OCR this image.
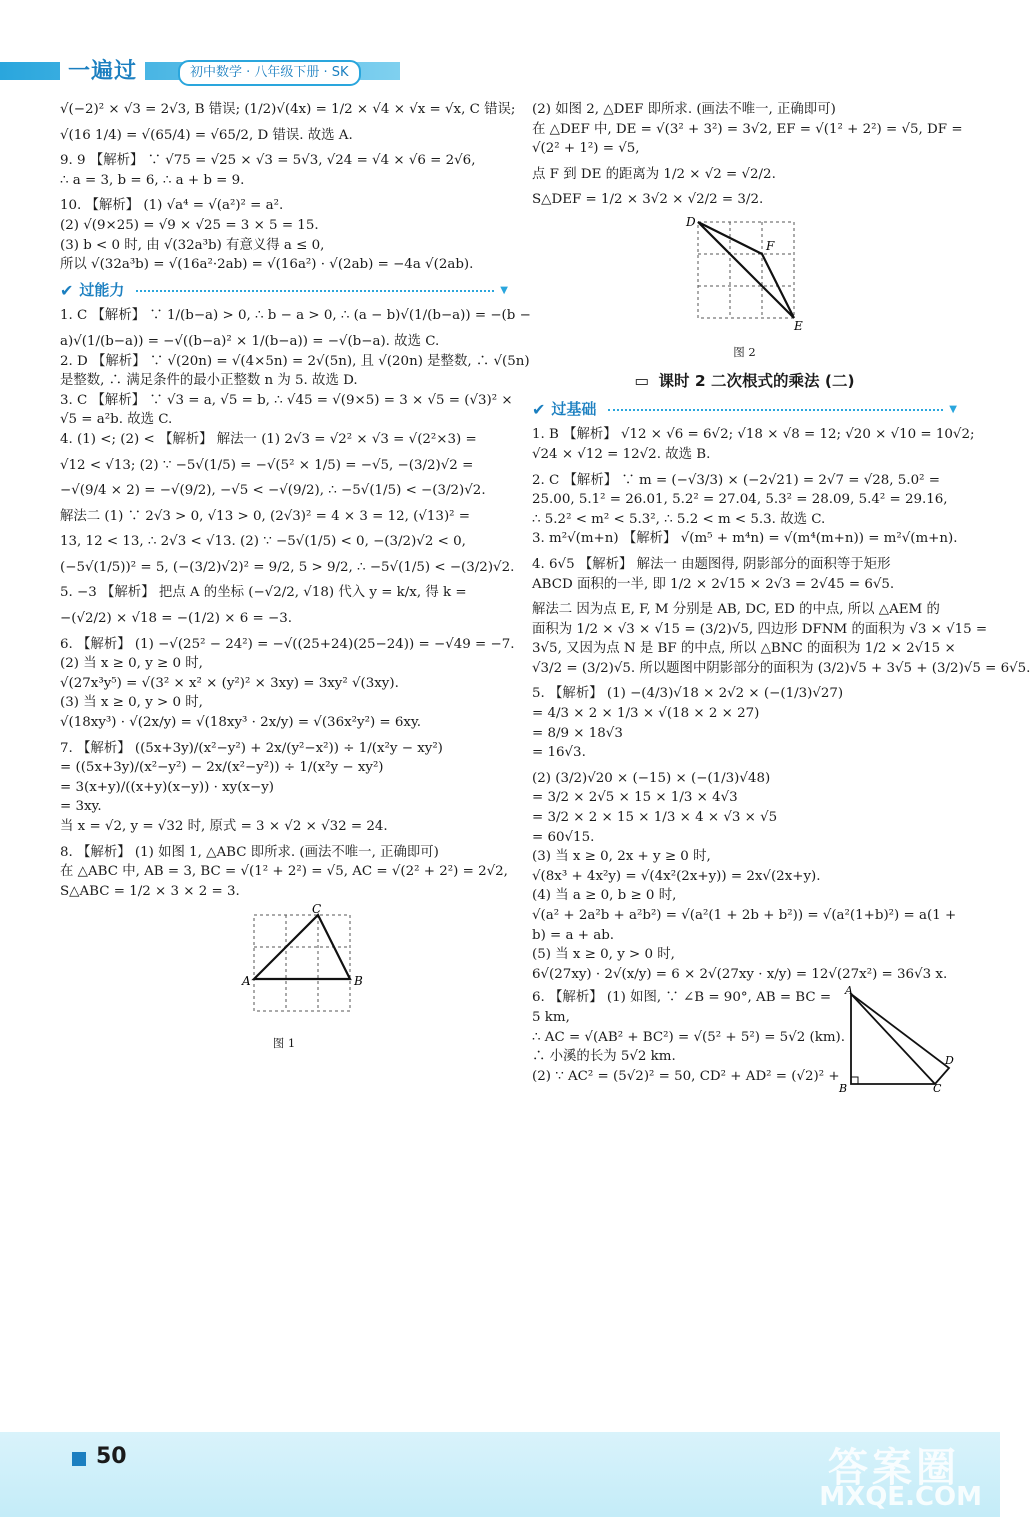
一遍过	初中数学 · 八年级下册 · SK

√(−2)² × √3 = 2√3, B 错误; (1/2)√(4x) = 1/2 × √4 × √x = √x, C 错误;

√(16 1/4) = √(65/4) = √65/2, D 错误. 故选 A.

9. 9 【解析】 ∵ √75 = √25 × √3 = 5√3, √24 = √4 × √6 = 2√6,

∴ a = 3, b = 6, ∴ a + b = 9.

10. 【解析】 (1) √a⁴ = √(a²)² = a².

(2) √(9×25) = √9 × √25 = 3 × 5 = 15.

(3) b < 0 时, 由 √(32a³b) 有意义得 a ≤ 0,

所以 √(32a³b) = √(16a²·2ab) = √(16a²) · √(2ab) = −4a √(2ab).

✔ 过能力	▼

1. C 【解析】 ∵ 1/(b−a) > 0, ∴ b − a > 0, ∴ (a − b)√(1/(b−a)) = −(b −

a)√(1/(b−a)) = −√((b−a)² × 1/(b−a)) = −√(b−a). 故选 C.

2. D 【解析】 ∵ √(20n) = √(4×5n) = 2√(5n), 且 √(20n) 是整数, ∴ √(5n)

是整数, ∴ 满足条件的最小正整数 n 为 5. 故选 D.

3. C 【解析】 ∵ √3 = a, √5 = b, ∴ √45 = √(9×5) = 3 × √5 = (√3)² ×

√5 = a²b. 故选 C.

4. (1) <; (2) < 【解析】 解法一 (1) 2√3 = √2² × √3 = √(2²×3) =

√12 < √13; (2) ∵ −5√(1/5) = −√(5² × 1/5) = −√5, −(3/2)√2 =

−√(9/4 × 2) = −√(9/2), −√5 < −√(9/2), ∴ −5√(1/5) < −(3/2)√2.

解法二 (1) ∵ 2√3 > 0, √13 > 0, (2√3)² = 4 × 3 = 12, (√13)² =

13, 12 < 13, ∴ 2√3 < √13. (2) ∵ −5√(1/5) < 0, −(3/2)√2 < 0,

(−5√(1/5))² = 5, (−(3/2)√2)² = 9/2, 5 > 9/2, ∴ −5√(1/5) < −(3/2)√2.

5. −3 【解析】 把点 A 的坐标 (−√2/2, √18) 代入 y = k/x, 得 k =

−(√2/2) × √18 = −(1/2) × 6 = −3.

6. 【解析】 (1) −√(25² − 24²) = −√((25+24)(25−24)) = −√49 = −7.

(2) 当 x ≥ 0, y ≥ 0 时,

√(27x³y⁵) = √(3² × x² × (y²)² × 3xy) = 3xy² √(3xy).

(3) 当 x ≥ 0, y > 0 时,

√(18xy³) · √(2x/y) = √(18xy³ · 2x/y) = √(36x²y²) = 6xy.

7. 【解析】 ((5x+3y)/(x²−y²) + 2x/(y²−x²)) ÷ 1/(x²y − xy²)

= ((5x+3y)/(x²−y²) − 2x/(x²−y²)) ÷ 1/(x²y − xy²)

= 3(x+y)/((x+y)(x−y)) · xy(x−y)

= 3xy.

当 x = √2, y = √32 时, 原式 = 3 × √2 × √32 = 24.

8. 【解析】 (1) 如图 1, △ABC 即所求. (画法不唯一, 正确即可)

在 △ABC 中, AB = 3, BC = √(1² + 2²) = √5, AC = √(2² + 2²) = 2√2,

S△ABC = 1/2 × 3 × 2 = 3.

A	B
C
图 1

(2) 如图 2, △DEF 即所求. (画法不唯一, 正确即可)

在 △DEF 中, DE = √(3² + 3²) = 3√2, EF = √(1² + 2²) = √5, DF =

√(2² + 1²) = √5,

点 F 到 DE 的距离为 1/2 × √2 = √2/2.

S△DEF = 1/2 × 3√2 × √2/2 = 3/2.

D
E
F
图 2
▭ 课时 2 二次根式的乘法 (二)
✔ 过基础	▼

1. B 【解析】 √12 × √6 = 6√2; √18 × √8 = 12; √20 × √10 = 10√2;

√24 × √12 = 12√2. 故选 B.

2. C 【解析】 ∵ m = (−√3/3) × (−2√21) = 2√7 = √28, 5.0² =

25.00, 5.1² = 26.01, 5.2² = 27.04, 5.3² = 28.09, 5.4² = 29.16,

∴ 5.2² < m² < 5.3², ∴ 5.2 < m < 5.3. 故选 C.

3. m²√(m+n) 【解析】 √(m⁵ + m⁴n) = √(m⁴(m+n)) = m²√(m+n).

4. 6√5 【解析】 解法一 由题图得, 阴影部分的面积等于矩形

ABCD 面积的一半, 即 1/2 × 2√15 × 2√3 = 2√45 = 6√5.

解法二 因为点 E, F, M 分别是 AB, DC, ED 的中点, 所以 △AEM 的

面积为 1/2 × √3 × √15 = (3/2)√5, 四边形 DFNM 的面积为 √3 × √15 =

3√5, 又因为点 N 是 BF 的中点, 所以 △BNC 的面积为 1/2 × 2√15 ×

√3/2 = (3/2)√5. 所以题图中阴影部分的面积为 (3/2)√5 + 3√5 + (3/2)√5 = 6√5.

5. 【解析】 (1) −(4/3)√18 × 2√2 × (−(1/3)√27)

= 4/3 × 2 × 1/3 × √(18 × 2 × 27)

= 8/9 × 18√3

= 16√3.

(2) (3/2)√20 × (−15) × (−(1/3)√48)

= 3/2 × 2√5 × 15 × 1/3 × 4√3

= 3/2 × 2 × 15 × 1/3 × 4 × √3 × √5

= 60√15.

(3) 当 x ≥ 0, 2x + y ≥ 0 时,

√(8x³ + 4x²y) = √(4x²(2x+y)) = 2x√(2x+y).

(4) 当 a ≥ 0, b ≥ 0 时,

√(a² + 2a²b + a²b²) = √(a²(1 + 2b + b²)) = √(a²(1+b)²) = a(1 +

b) = a + ab.

(5) 当 x ≥ 0, y > 0 时,

6√(27xy) · 2√(x/y) = 6 × 2√(27xy · x/y) = 12√(27x²) = 36√3 x.

6. 【解析】 (1) 如图, ∵ ∠B = 90°, AB = BC =

5 km,

∴ AC = √(AB² + BC²) = √(5² + 5²) = 5√2 (km).

∴ 小溪的长为 5√2 km.

(2) ∵ AC² = (5√2)² = 50, CD² + AD² = (√2)² +

A
B	C
D
50	答案圈
MXQE.COM
